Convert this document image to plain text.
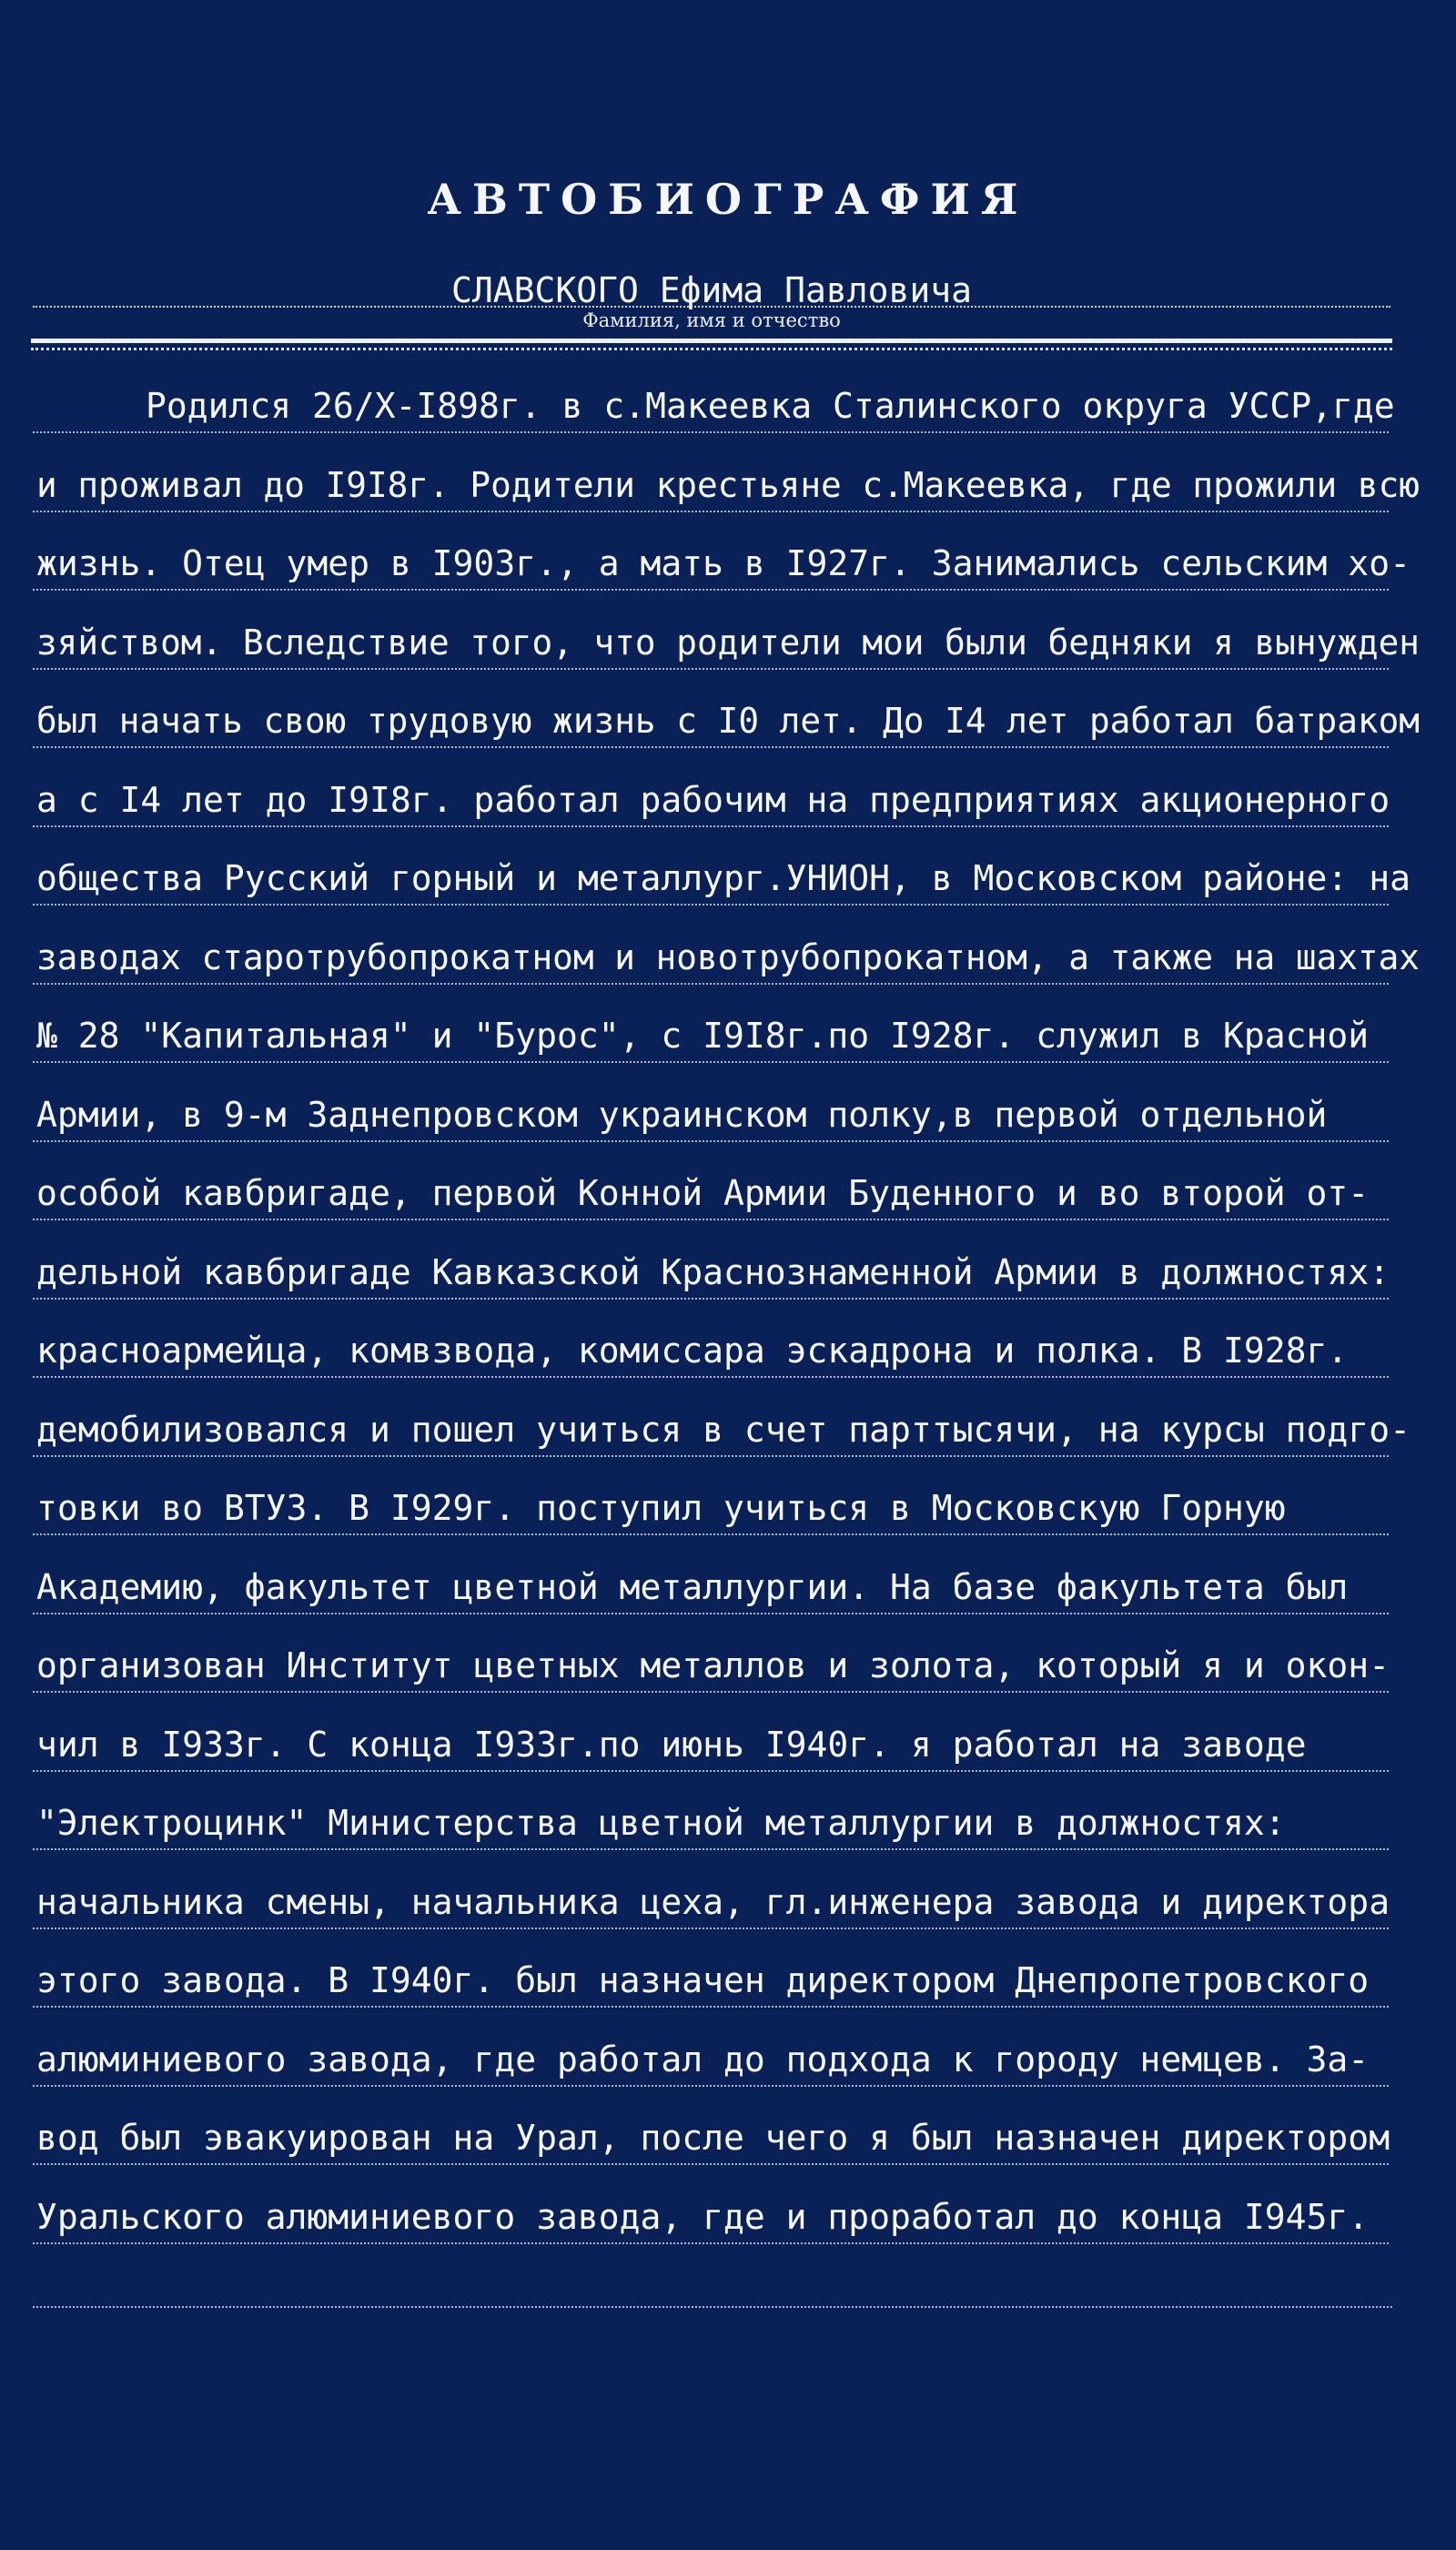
АВТОБИОГРАФИЯ
СЛАВСКОГО Ефима Павловича
Фамилия, имя и отчество
Родился 26/X-I898г. в с.Макеевка Сталинского округа УССР,где
и проживал до I9I8г. Родители крестьяне с.Макеевка, где прожили всю
жизнь. Отец умер в I903г., а мать в I927г. Занимались сельским хо-
зяйством. Вследствие того, что родители мои были бедняки я вынужден
был начать свою трудовую жизнь с I0 лет. До I4 лет работал батраком
а с I4 лет до I9I8г. работал рабочим на предприятиях акционерного
общества Русский горный и металлург.УНИОН, в Московском районе: на
заводах старотрубопрокатном и новотрубопрокатном, а также на шахтах
№ 28 "Капитальная" и "Бурос", с I9I8г.по I928г. служил в Красной
Армии, в 9-м Заднепровском украинском полку,в первой отдельной
особой кавбригаде, первой Конной Армии Буденного и во второй от-
дельной кавбригаде Кавказской Краснознаменной Армии в должностях:
красноармейца, комвзвода, комиссара эскадрона и полка. В I928г.
демобилизовался и пошел учиться в счет парттысячи, на курсы подго-
товки во ВТУЗ. В I929г. поступил учиться в Московскую Горную
Академию, факультет цветной металлургии. На базе факультета был
организован Институт цветных металлов и золота, который я и окон-
чил в I933г. С конца I933г.по июнь I940г. я работал на заводе
"Электроцинк" Министерства цветной металлургии в должностях:
начальника смены, начальника цеха, гл.инженера завода и директора
этого завода. В I940г. был назначен директором Днепропетровского
алюминиевого завода, где работал до подхода к городу немцев. За-
вод был эвакуирован на Урал, после чего я был назначен директором
Уральского алюминиевого завода, где и проработал до конца I945г.
